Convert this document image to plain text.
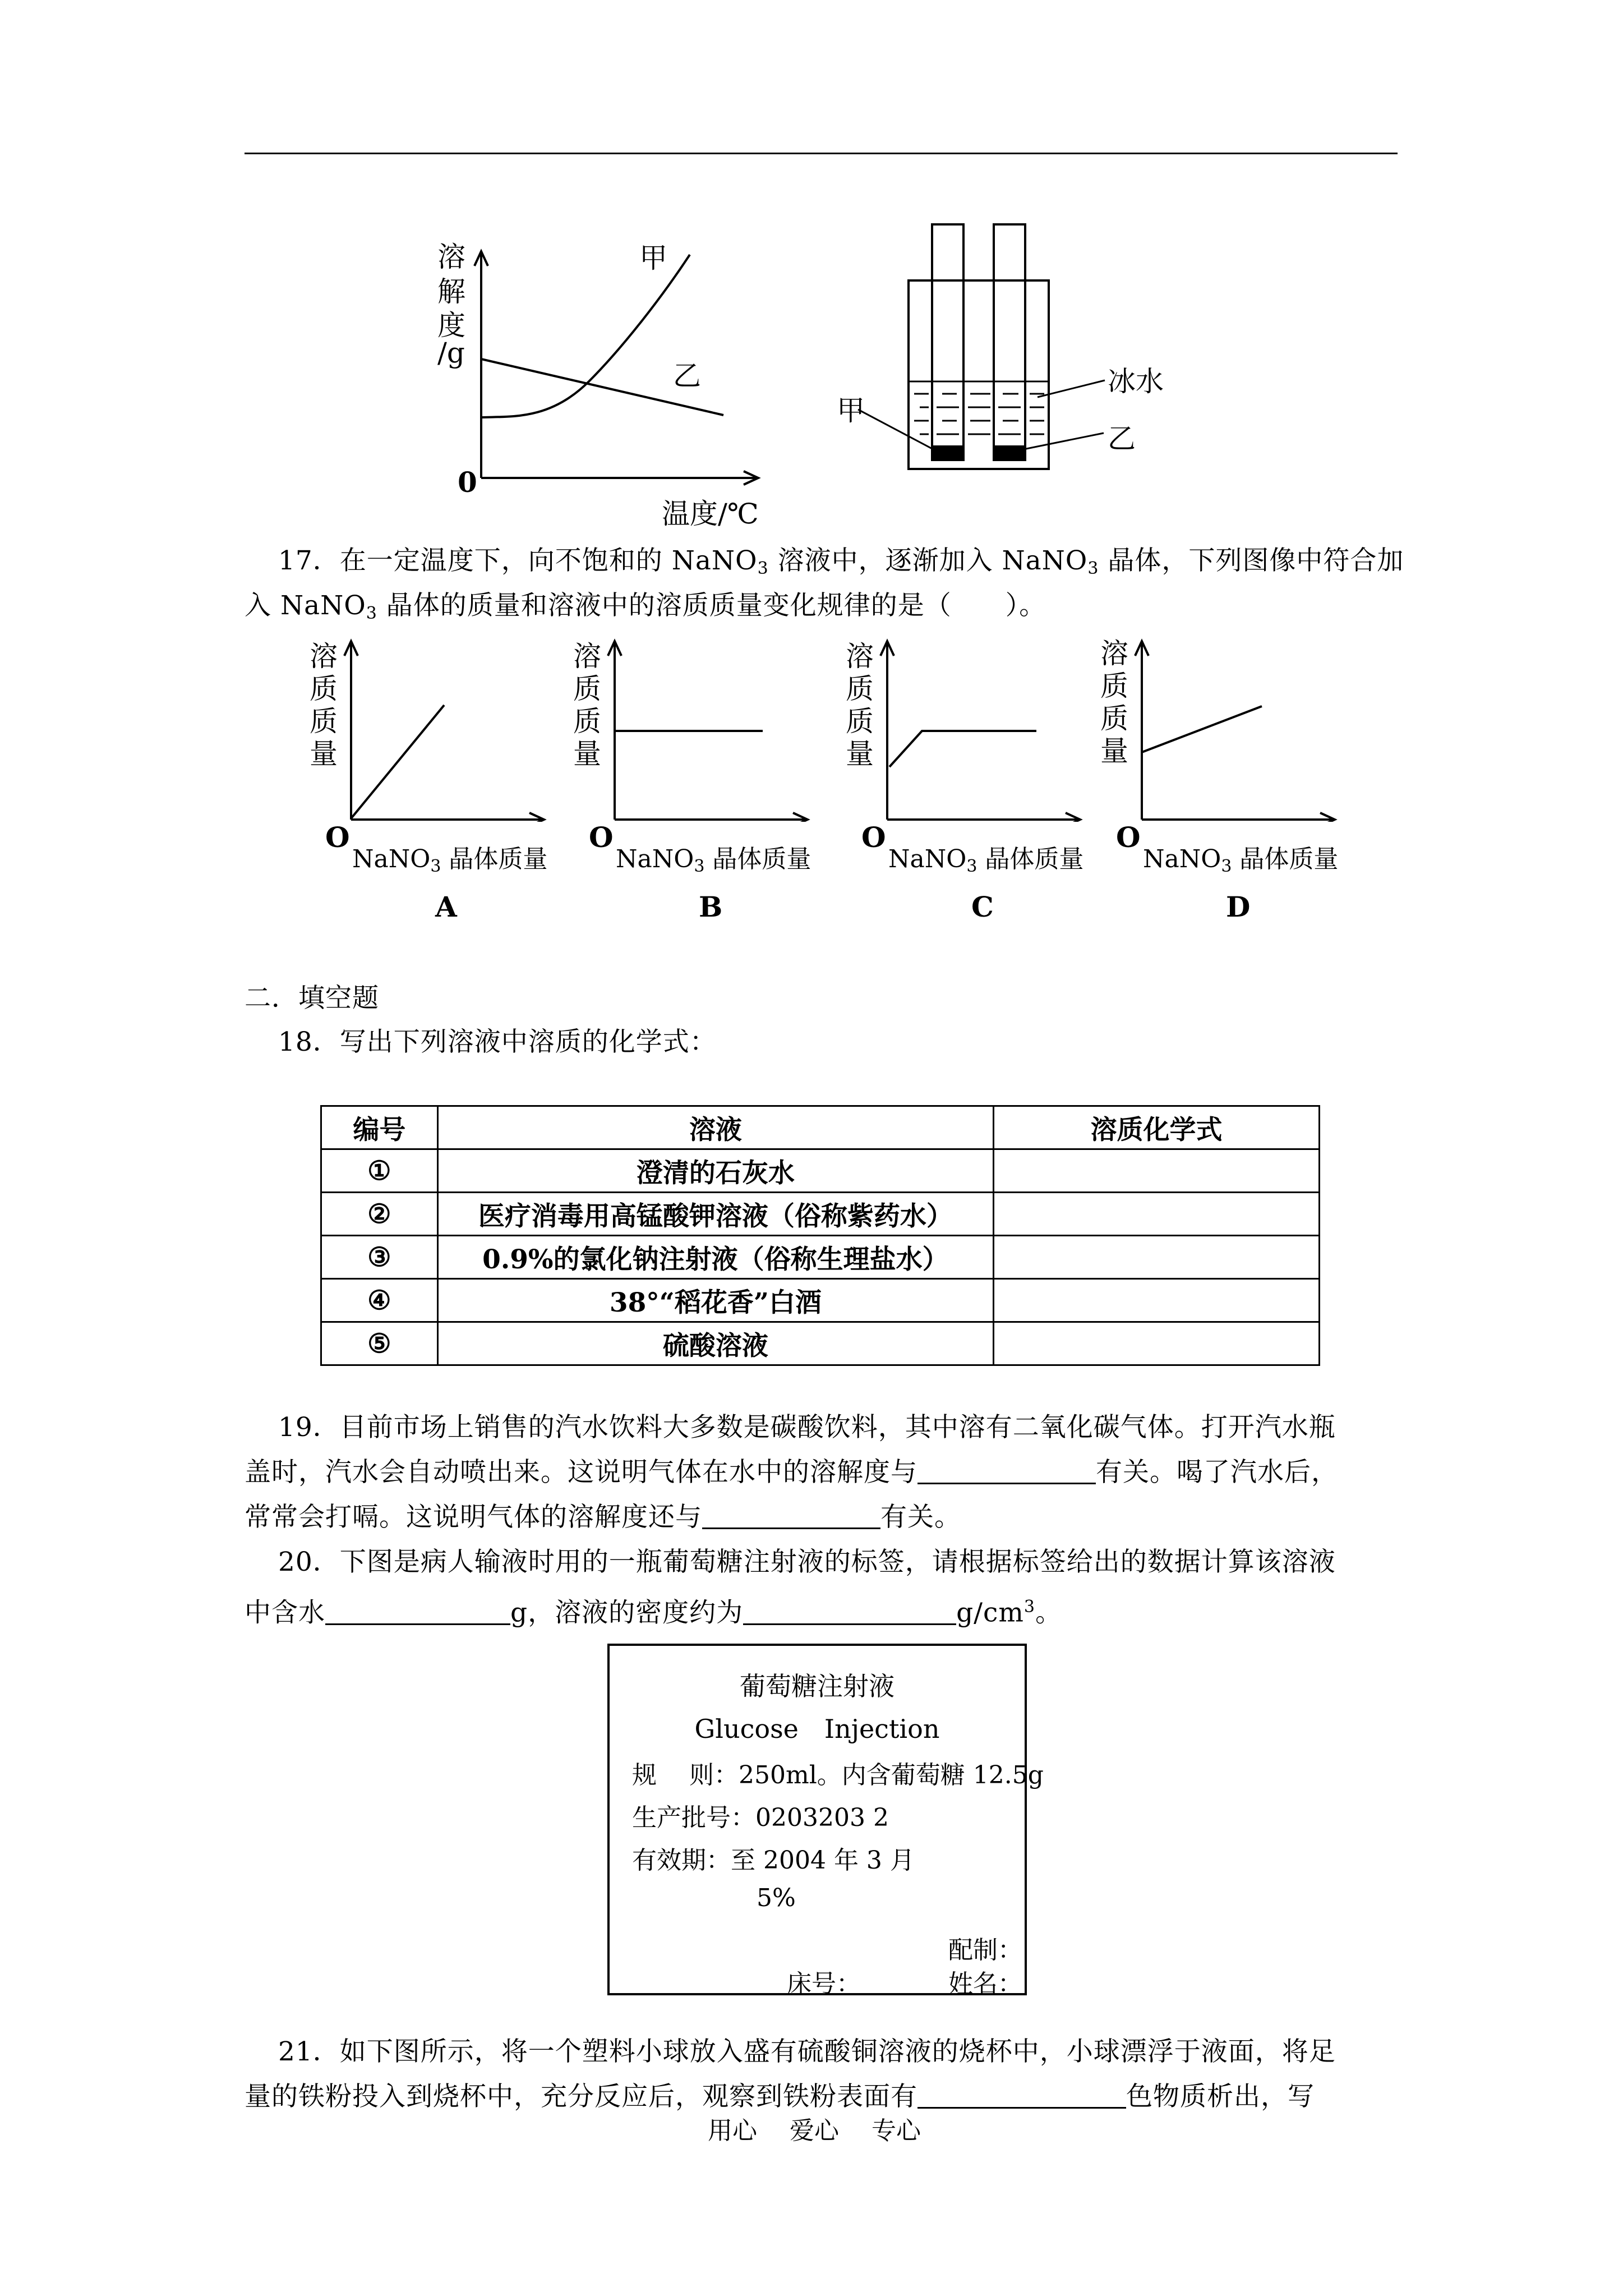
溶
解
度
/g
0
温度/℃
甲
乙	冰水
甲
乙
17．在一定温度下，向不饱和的 NaNO$_3$ 溶液中，逐渐加入 NaNO$_3$ 晶体，下列图像中符合加
入 NaNO$_3$ 晶体的质量和溶液中的溶质质量变化规律的是（　　）。
溶
质
质
量
O
NaNO$_3$ 晶体质量
A
溶
质
质
量
O
NaNO$_3$ 晶体质量
B
溶
质
质
量
O
NaNO$_3$ 晶体质量
C
溶
质
质
量
O
NaNO$_3$ 晶体质量
D
二．填空题
18．写出下列溶液中溶质的化学式：
编号	溶液	溶质化学式
①	澄清的石灰水	
②	医疗消毒用高锰酸钾溶液（俗称紫药水）	
③	0.9%的氯化钠注射液（俗称生理盐水）	
④	38°“稻花香”白酒	
⑤	硫酸溶液	
19．目前市场上销售的汽水饮料大多数是碳酸饮料，其中溶有二氧化碳气体。打开汽水瓶
盖时，汽水会自动喷出来。这说明气体在水中的溶解度与	有关。喝了汽水后，
常常会打嗝。这说明气体的溶解度还与	有关。
20．下图是病人输液时用的一瓶葡萄糖注射液的标签，请根据标签给出的数据计算该溶液
中含水	g，溶液的密度约为	$g/cm^3$。
葡萄糖注射液
Glucose　Injection
规　 则：250ml。内含葡萄糖 12.5g
生产批号：0203203 2
有效期：至 2004 年 3 月
5%
配制：
床号：	姓名：
21．如下图所示，将一个塑料小球放入盛有硫酸铜溶液的烧杯中，小球漂浮于液面，将足
量的铁粉投入到烧杯中，充分反应后，观察到铁粉表面有	色物质析出，写
用心　 爱心　 专心
